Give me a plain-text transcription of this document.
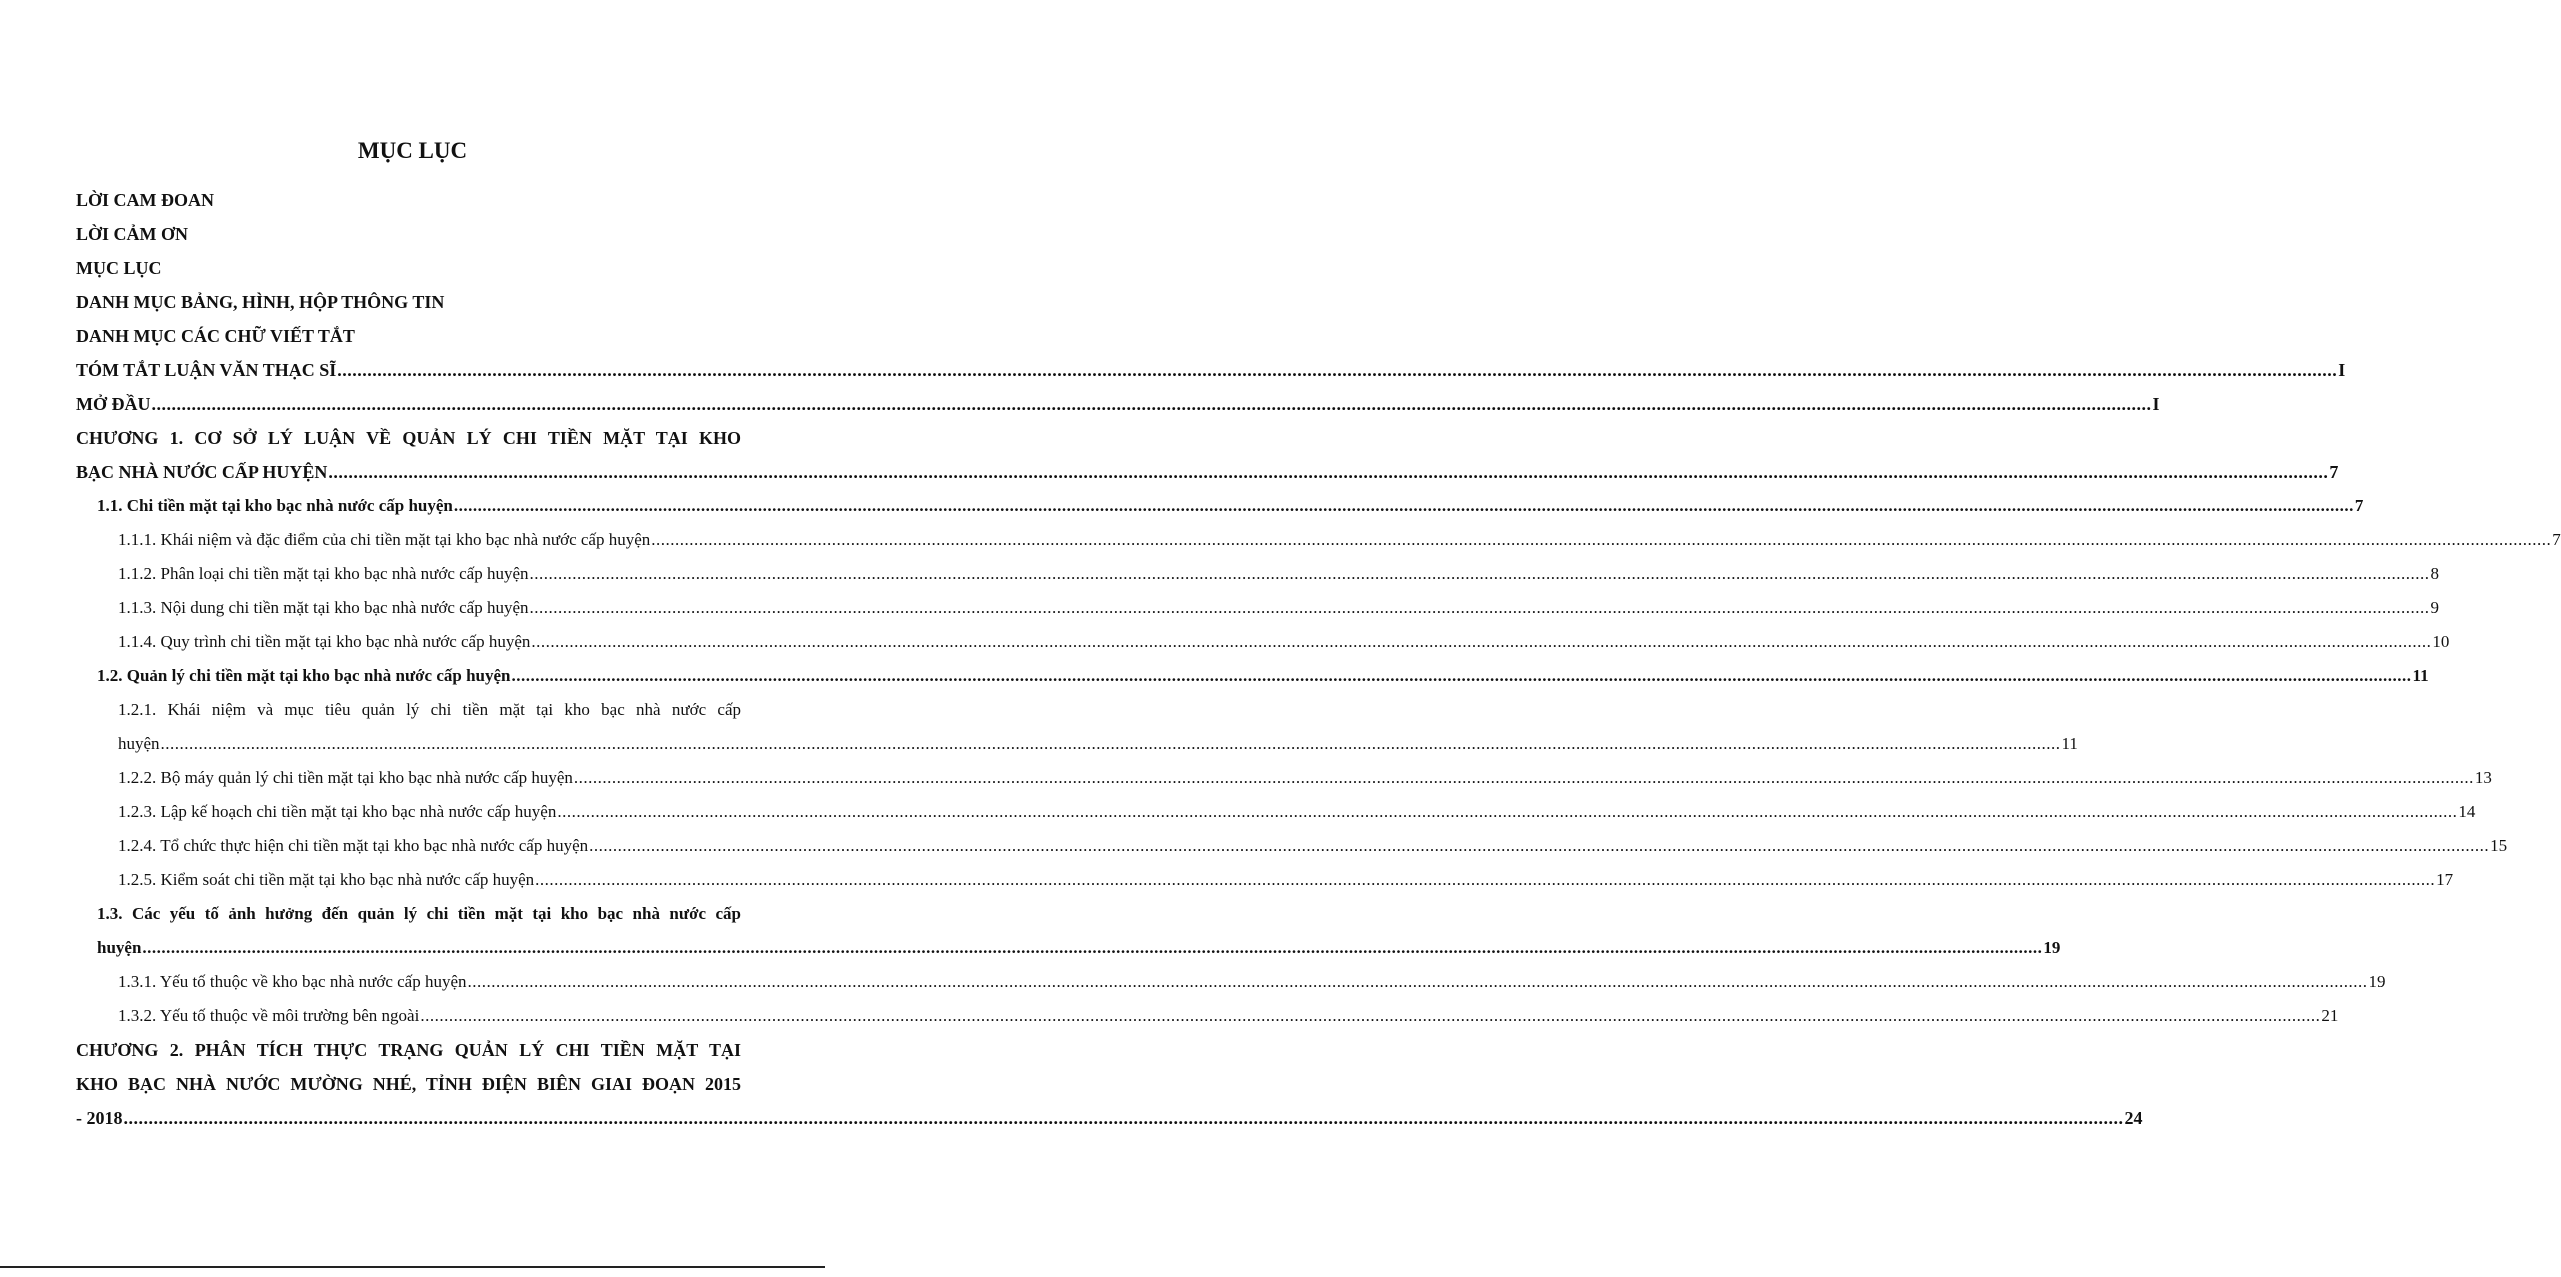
MỤC LỤC
LỜI CAM ĐOAN
LỜI CẢM ƠN
MỤC LỤC
DANH MỤC BẢNG, HÌNH, HỘP THÔNG TIN
DANH MỤC CÁC CHỮ VIẾT TẮT
TÓM TẮT LUẬN VĂN THẠC SĨ ................................................................................................................................................................................................................................................................................................................................................................................................................ I
MỞ ĐẦU ................................................................................................................................................................................................................................................................................................................................................................................................................ I
CHƯƠNG 1. CƠ SỞ LÝ LUẬN VỀ QUẢN LÝ CHI TIỀN MẶT TẠI KHO
BẠC NHÀ NƯỚC CẤP HUYỆN ................................................................................................................................................................................................................................................................................................................................................................................................................ 7
1.1. Chi tiền mặt tại kho bạc nhà nước cấp huyện ................................................................................................................................................................................................................................................................................................................................................................................................................ 7
1.1.1. Khái niệm và đặc điểm của chi tiền mặt tại kho bạc nhà nước cấp huyện ................................................................................................................................................................................................................................................................................................................................................................................................................ 7
1.1.2. Phân loại chi tiền mặt tại kho bạc nhà nước cấp huyện ................................................................................................................................................................................................................................................................................................................................................................................................................ 8
1.1.3. Nội dung chi tiền mặt tại kho bạc nhà nước cấp huyện ................................................................................................................................................................................................................................................................................................................................................................................................................ 9
1.1.4. Quy trình chi tiền mặt tại kho bạc nhà nước cấp huyện ................................................................................................................................................................................................................................................................................................................................................................................................................ 10
1.2. Quản lý chi tiền mặt tại kho bạc nhà nước cấp huyện ................................................................................................................................................................................................................................................................................................................................................................................................................ 11
1.2.1. Khái niệm và mục tiêu quản lý chi tiền mặt tại kho bạc nhà nước cấp
huyện ................................................................................................................................................................................................................................................................................................................................................................................................................ 11
1.2.2. Bộ máy quản lý chi tiền mặt tại kho bạc nhà nước cấp huyện ................................................................................................................................................................................................................................................................................................................................................................................................................ 13
1.2.3. Lập kế hoạch chi tiền mặt tại kho bạc nhà nước cấp huyện ................................................................................................................................................................................................................................................................................................................................................................................................................ 14
1.2.4. Tổ chức thực hiện chi tiền mặt tại kho bạc nhà nước cấp huyện ................................................................................................................................................................................................................................................................................................................................................................................................................ 15
1.2.5. Kiểm soát chi tiền mặt tại kho bạc nhà nước cấp huyện ................................................................................................................................................................................................................................................................................................................................................................................................................ 17
1.3. Các yếu tố ảnh hưởng đến quản lý chi tiền mặt tại kho bạc nhà nước cấp
huyện ................................................................................................................................................................................................................................................................................................................................................................................................................ 19
1.3.1. Yếu tố thuộc về kho bạc nhà nước cấp huyện ................................................................................................................................................................................................................................................................................................................................................................................................................ 19
1.3.2. Yếu tố thuộc về môi trường bên ngoài ................................................................................................................................................................................................................................................................................................................................................................................................................ 21
CHƯƠNG 2. PHÂN TÍCH THỰC TRẠNG QUẢN LÝ CHI TIỀN MẶT TẠI
KHO BẠC NHÀ NƯỚC MƯỜNG NHÉ, TỈNH ĐIỆN BIÊN GIAI ĐOẠN 2015
- 2018 ................................................................................................................................................................................................................................................................................................................................................................................................................ 24
